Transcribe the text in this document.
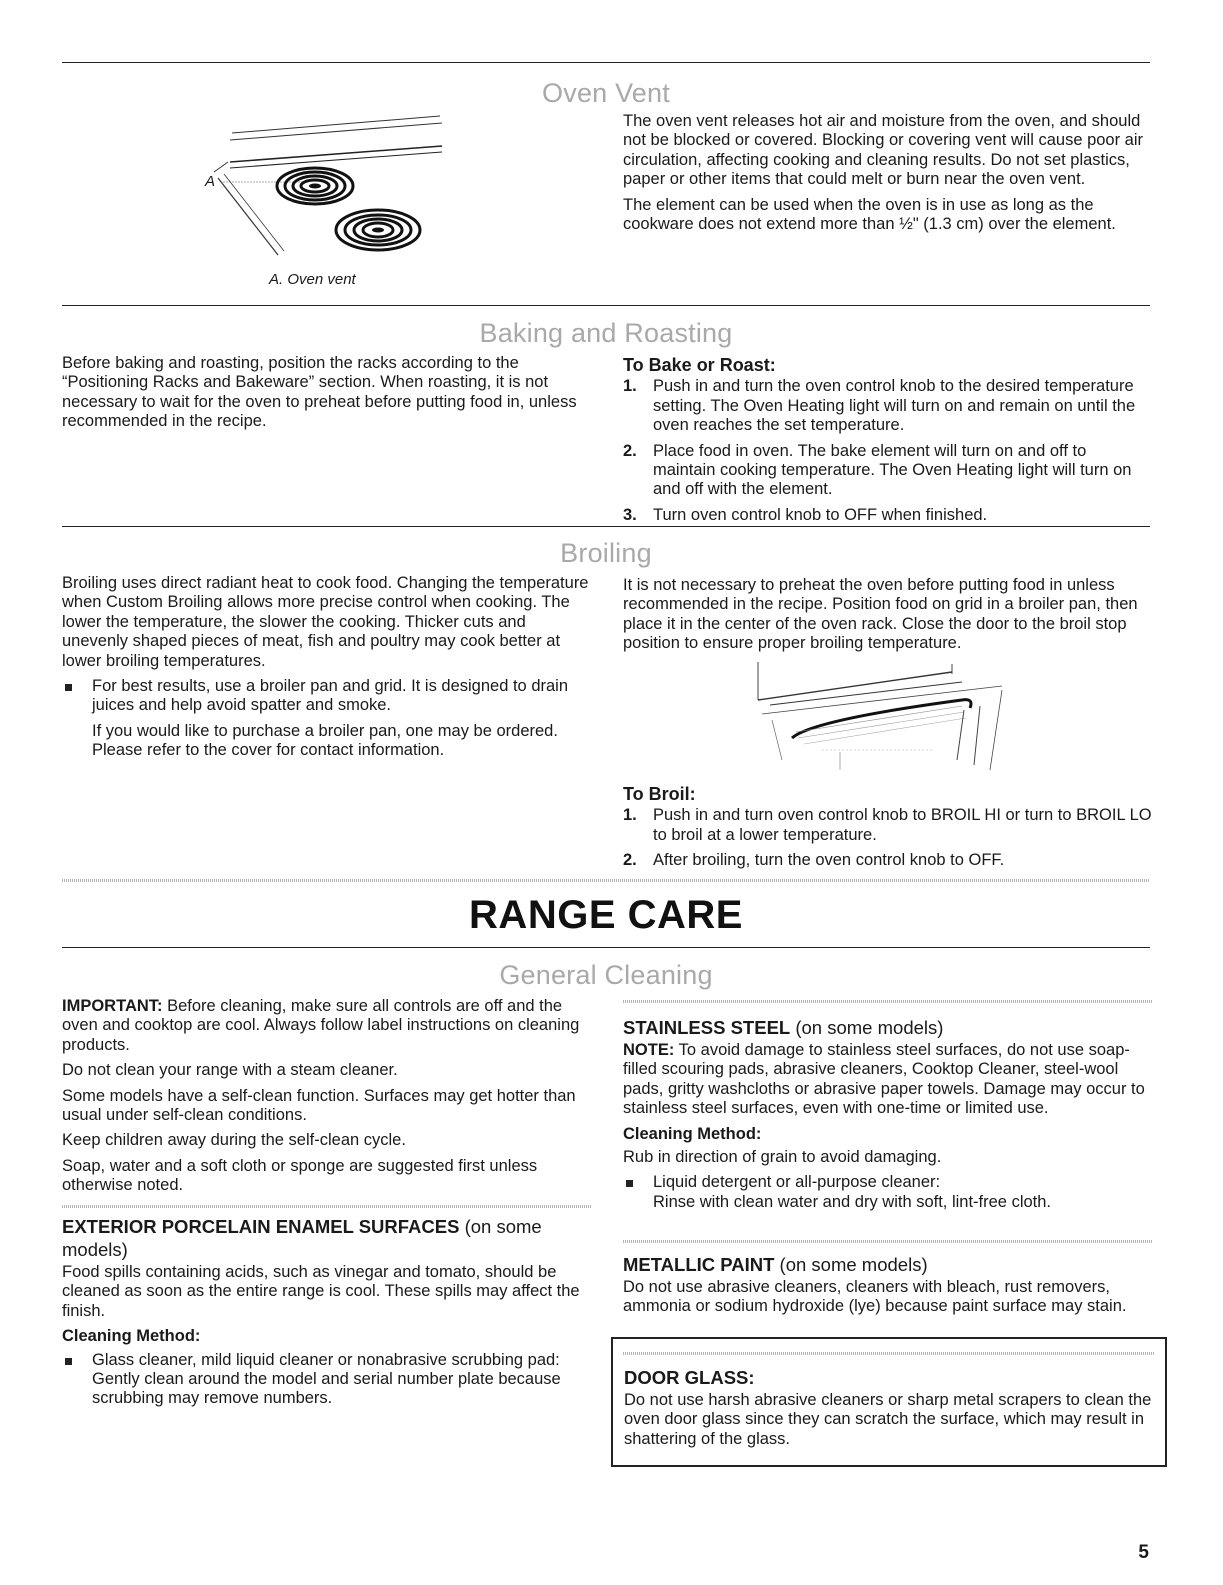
Oven Vent
A
A. Oven vent

The oven vent releases hot air and moisture from the oven, and should not be blocked or covered. Blocking or covering vent will cause poor air circulation, affecting cooking and cleaning results. Do not set plastics, paper or other items that could melt or burn near the oven vent.

The element can be used when the oven is in use as long as the cookware does not extend more than ½" (1.3 cm) over the element.

Baking and Roasting
Before baking and roasting, position the racks according to the “Positioning Racks and Bakeware” section. When roasting, it is not necessary to wait for the oven to preheat before putting food in, unless recommended in the recipe.
To Bake or Roast:
1. Push in and turn the oven control knob to the desired temperature setting. The Oven Heating light will turn on and remain on until the oven reaches the set temperature.
2. Place food in oven. The bake element will turn on and off to maintain cooking temperature. The Oven Heating light will turn on and off with the element.
3. Turn oven control knob to OFF when finished.
Broiling

Broiling uses direct radiant heat to cook food. Changing the temperature when Custom Broiling allows more precise control when cooking. The lower the temperature, the slower the cooking. Thicker cuts and unevenly shaped pieces of meat, fish and poultry may cook better at lower broiling temperatures.

For best results, use a broiler pan and grid. It is designed to drain juices and help avoid spatter and smoke.
If you would like to purchase a broiler pan, one may be ordered. Please refer to the cover for contact information.
It is not necessary to preheat the oven before putting food in unless recommended in the recipe. Position food on grid in a broiler pan, then place it in the center of the oven rack. Close the door to the broil stop position to ensure proper broiling temperature.
To Broil:
1. Push in and turn oven control knob to BROIL HI or turn to BROIL LO to broil at a lower temperature.
2. After broiling, turn the oven control knob to OFF.
RANGE CARE
General Cleaning

IMPORTANT: Before cleaning, make sure all controls are off and the oven and cooktop are cool. Always follow label instructions on cleaning products.

Do not clean your range with a steam cleaner.

Some models have a self-clean function. Surfaces may get hotter than usual under self-clean conditions.

Keep children away during the self-clean cycle.

Soap, water and a soft cloth or sponge are suggested first unless otherwise noted.

EXTERIOR PORCELAIN ENAMEL SURFACES (on some models)

Food spills containing acids, such as vinegar and tomato, should be cleaned as soon as the entire range is cool. These spills may affect the finish.

Cleaning Method:
Glass cleaner, mild liquid cleaner or nonabrasive scrubbing pad:
Gently clean around the model and serial number plate because scrubbing may remove numbers.
STAINLESS STEEL (on some models)

NOTE: To avoid damage to stainless steel surfaces, do not use soap-filled scouring pads, abrasive cleaners, Cooktop Cleaner, steel-wool pads, gritty washcloths or abrasive paper towels. Damage may occur to stainless steel surfaces, even with one-time or limited use.

Cleaning Method:

Rub in direction of grain to avoid damaging.

Liquid detergent or all-purpose cleaner:
Rinse with clean water and dry with soft, lint-free cloth.
METALLIC PAINT (on some models)

Do not use abrasive cleaners, cleaners with bleach, rust removers, ammonia or sodium hydroxide (lye) because paint surface may stain.

DOOR GLASS:

Do not use harsh abrasive cleaners or sharp metal scrapers to clean the oven door glass since they can scratch the surface, which may result in shattering of the glass.

5
